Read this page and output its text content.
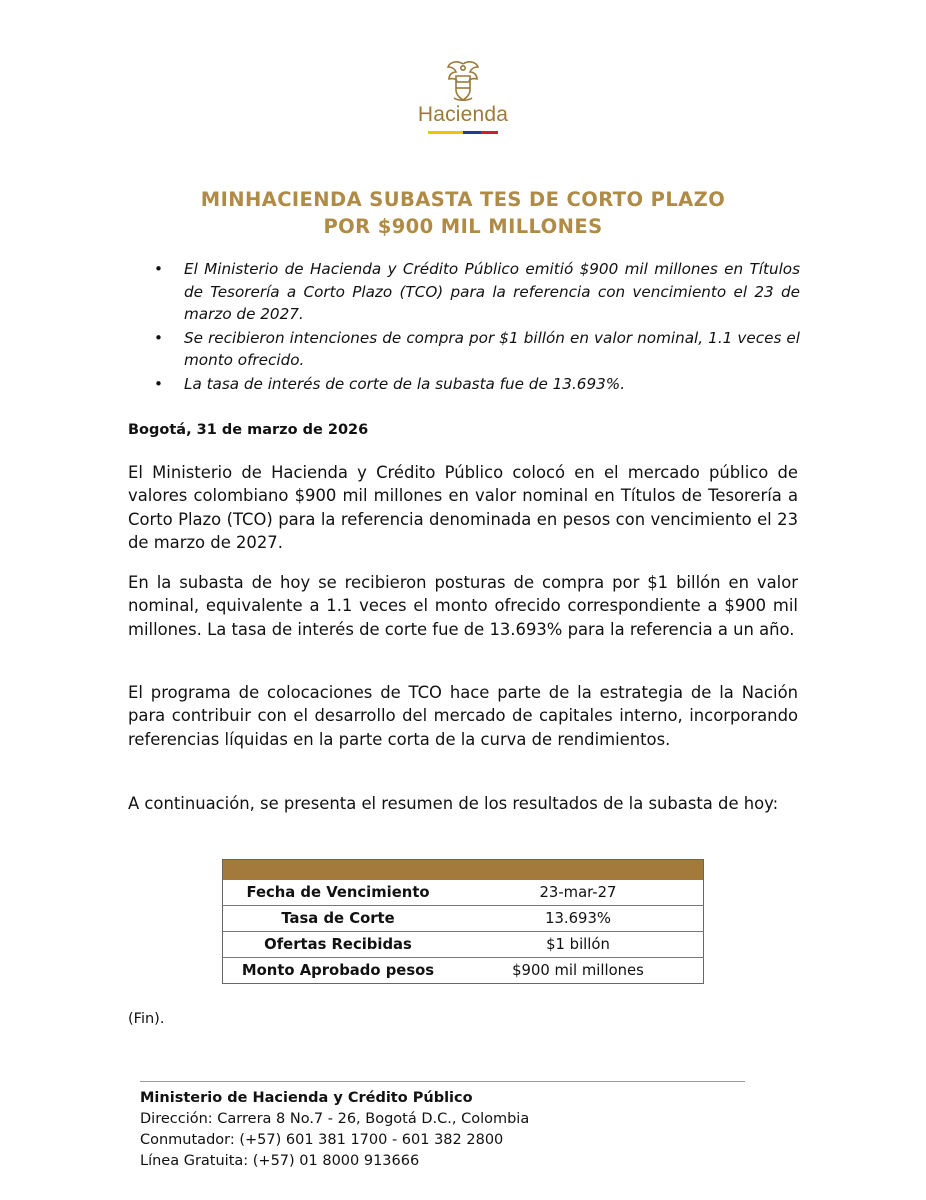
Hacienda
MINHACIENDA SUBASTA TES DE CORTO PLAZO
POR $900 MIL MILLONES
• El Ministerio de Hacienda y Crédito Público emitió $900 mil millones en Títulos de Tesorería a Corto Plazo (TCO) para la referencia con vencimiento el 23 de marzo de 2027.
• Se recibieron intenciones de compra por $1 billón en valor nominal, 1.1 veces el monto ofrecido.
• La tasa de interés de corte de la subasta fue de 13.693%.
Bogotá, 31 de marzo de 2026

El Ministerio de Hacienda y Crédito Público colocó en el mercado público de valores colombiano $900 mil millones en valor nominal en Títulos de Tesorería a Corto Plazo (TCO) para la referencia denominada en pesos con vencimiento el 23 de marzo de 2027.

En la subasta de hoy se recibieron posturas de compra por $1 billón en valor nominal, equivalente a 1.1 veces el monto ofrecido correspondiente a $900 mil millones. La tasa de interés de corte fue de 13.693% para la referencia a un año.

El programa de colocaciones de TCO hace parte de la estrategia de la Nación para contribuir con el desarrollo del mercado de capitales interno, incorporando referencias líquidas en la parte corta de la curva de rendimientos.

A continuación, se presenta el resumen de los resultados de la subasta de hoy:

Fecha de Vencimiento	23-mar-27
Tasa de Corte	13.693%
Ofertas Recibidas	$1 billón
Monto Aprobado pesos	$900 mil millones
(Fin).
Ministerio de Hacienda y Crédito Público
Dirección: Carrera 8 No.7 - 26, Bogotá D.C., Colombia
Conmutador: (+57) 601 381 1700 - 601 382 2800
Línea Gratuita: (+57) 01 8000 913666
